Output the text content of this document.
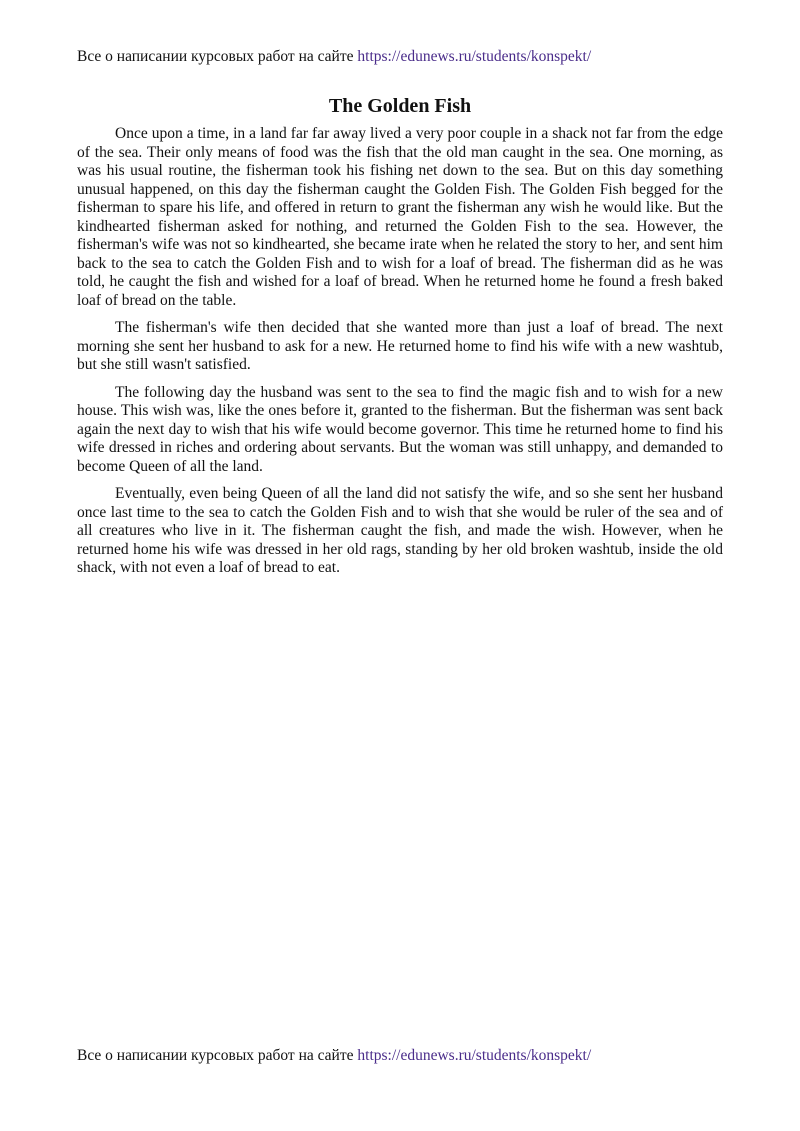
Все о написании курсовых работ на сайте https://edunews.ru/students/konspekt/
The Golden Fish

Once upon a time, in a land far far away lived a very poor couple in a shack not far from the edge of the sea. Their only means of food was the fish that the old man caught in the sea. One morning, as was his usual routine, the fisherman took his fishing net down to the sea. But on this day something unusual happened, on this day the fisherman caught the Golden Fish. The Golden Fish begged for the fisherman to spare his life, and offered in return to grant the fisherman any wish he would like. But the kindhearted fisherman asked for nothing, and returned the Golden Fish to the sea. However, the fisherman's wife was not so kindhearted, she became irate when he related the story to her, and sent him back to the sea to catch the Golden Fish and to wish for a loaf of bread. The fisherman did as he was told, he caught the fish and wished for a loaf of bread. When he returned home he found a fresh baked loaf of bread on the table.

The fisherman's wife then decided that she wanted more than just a loaf of bread. The next morning she sent her husband to ask for a new. He returned home to find his wife with a new washtub, but she still wasn't satisfied.

The following day the husband was sent to the sea to find the magic fish and to wish for a new house. This wish was, like the ones before it, granted to the fisherman. But the fisherman was sent back again the next day to wish that his wife would become governor. This time he returned home to find his wife dressed in riches and ordering about servants. But the woman was still unhappy, and demanded to become Queen of all the land.

Eventually, even being Queen of all the land did not satisfy the wife, and so she sent her husband once last time to the sea to catch the Golden Fish and to wish that she would be ruler of the sea and of all creatures who live in it. The fisherman caught the fish, and made the wish. However, when he returned home his wife was dressed in her old rags, standing by her old broken washtub, inside the old shack, with not even a loaf of bread to eat.

Все о написании курсовых работ на сайте https://edunews.ru/students/konspekt/
